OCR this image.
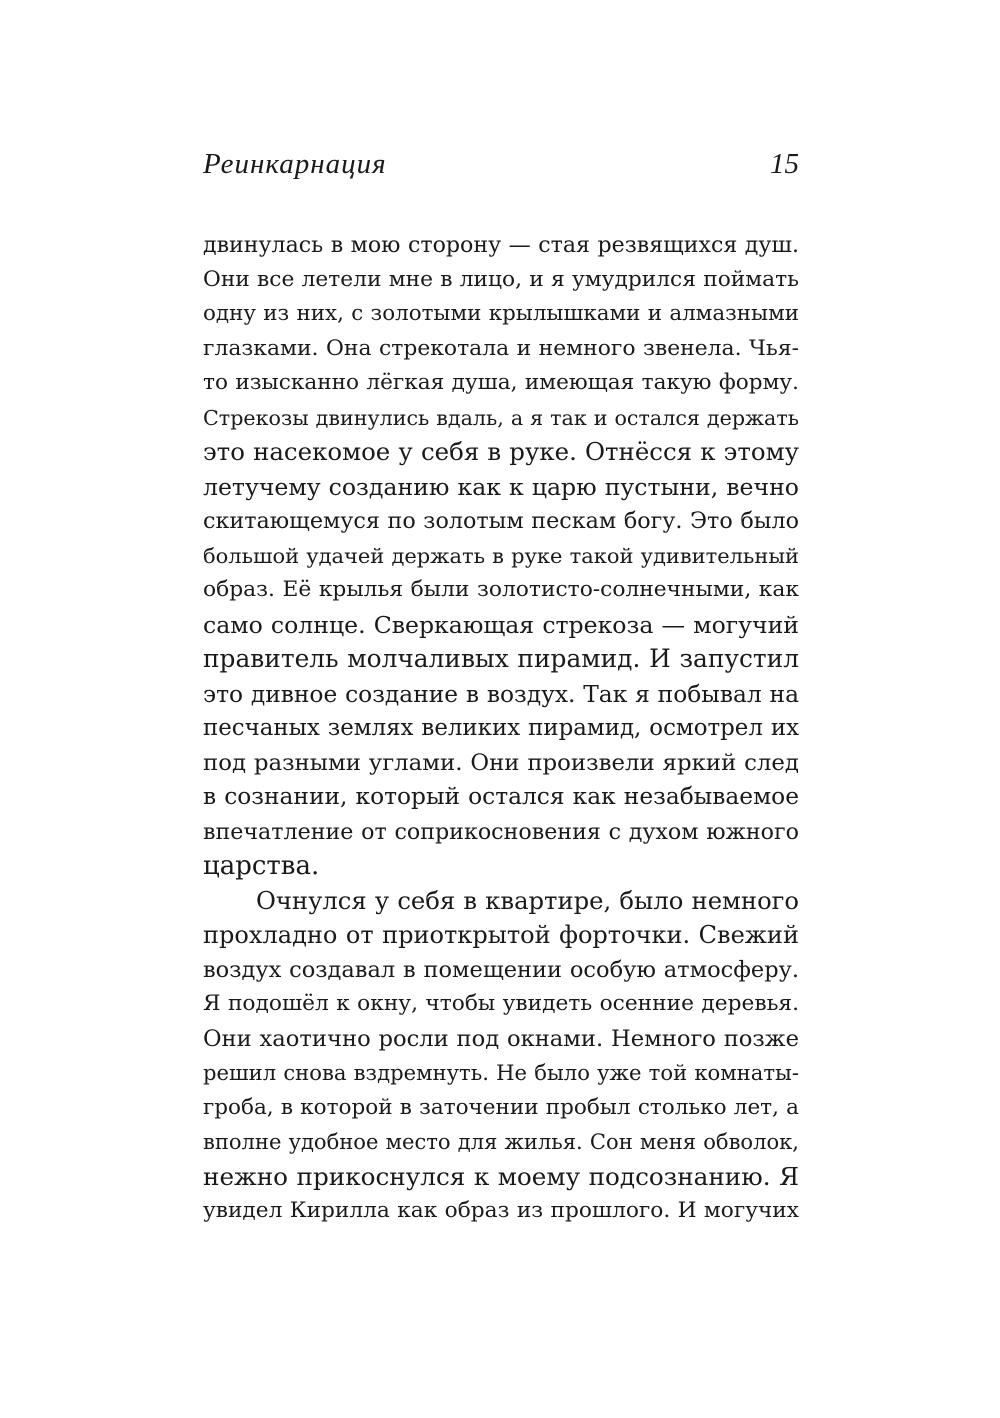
Реинкарнация	15
двинулась в мою сторону — стая резвящихся душ.
Они все летели мне в лицо, и я умудрился поймать
одну из них, с золотыми крылышками и алмазными
глазками. Она стрекотала и немного звенела. Чья-
то изысканно лёгкая душа, имеющая такую форму.
Стрекозы двинулись вдаль, а я так и остался держать
это насекомое у себя в руке. Отнёсся к этому
летучему созданию как к царю пустыни, вечно
скитающемуся по золотым пескам богу. Это было
большой удачей держать в руке такой удивительный
образ. Её крылья были золотисто-солнечными, как
само солнце. Сверкающая стрекоза — могучий
правитель молчаливых пирамид. И запустил
это дивное создание в воздух. Так я побывал на
песчаных землях великих пирамид, осмотрел их
под разными углами. Они произвели яркий след
в сознании, который остался как незабываемое
впечатление от соприкосновения с духом южного
царства.
Очнулся у себя в квартире, было немного
прохладно от приоткрытой форточки. Свежий
воздух создавал в помещении особую атмосферу.
Я подошёл к окну, чтобы увидеть осенние деревья.
Они хаотично росли под окнами. Немного позже
решил снова вздремнуть. Не было уже той комнаты-
гроба, в которой в заточении пробыл столько лет, а
вполне удобное место для жилья. Сон меня обволок,
нежно прикоснулся к моему подсознанию. Я
увидел Кирилла как образ из прошлого. И могучих
